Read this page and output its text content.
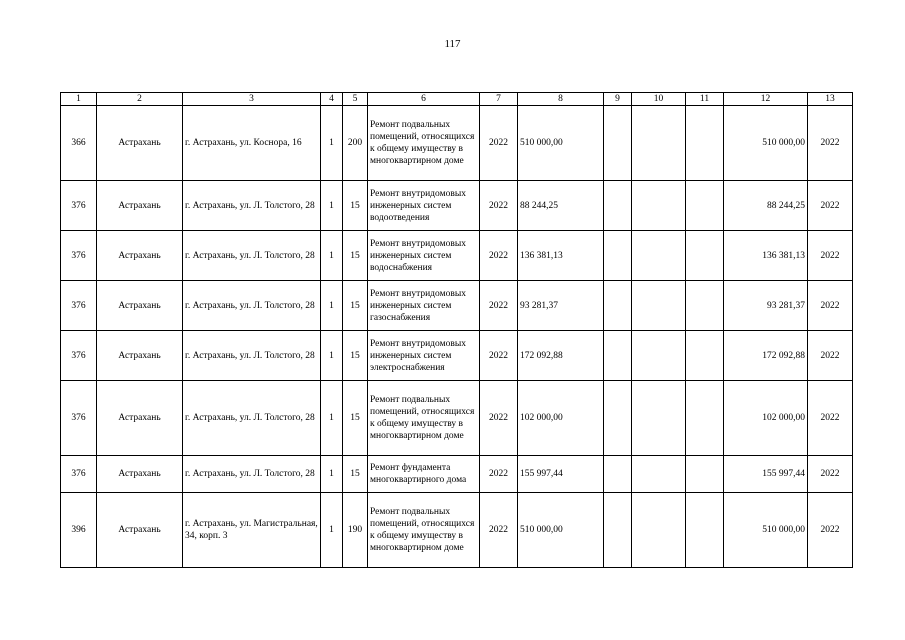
117
1	2	3	4	5	6	7	8	9	10	11	12	13
366	Астрахань	г. Астрахань, ул. Коснора, 16	1	200	Ремонт подвальных помещений, относящихся к общему имуществу в многоквартирном доме	2022	510 000,00				510 000,00	2022
376	Астрахань	г. Астрахань, ул. Л. Толстого, 28	1	15	Ремонт внутридомовых инженерных систем водоотведения	2022	88 244,25				88 244,25	2022
376	Астрахань	г. Астрахань, ул. Л. Толстого, 28	1	15	Ремонт внутридомовых инженерных систем водоснабжения	2022	136 381,13				136 381,13	2022
376	Астрахань	г. Астрахань, ул. Л. Толстого, 28	1	15	Ремонт внутридомовых инженерных систем газоснабжения	2022	93 281,37				93 281,37	2022
376	Астрахань	г. Астрахань, ул. Л. Толстого, 28	1	15	Ремонт внутридомовых инженерных систем электроснабжения	2022	172 092,88				172 092,88	2022
376	Астрахань	г. Астрахань, ул. Л. Толстого, 28	1	15	Ремонт подвальных помещений, относящихся к общему имуществу в многоквартирном доме	2022	102 000,00				102 000,00	2022
376	Астрахань	г. Астрахань, ул. Л. Толстого, 28	1	15	Ремонт фундамента многоквартирного дома	2022	155 997,44				155 997,44	2022
396	Астрахань	г. Астрахань, ул. Магистральная, 34, корп. 3	1	190	Ремонт подвальных помещений, относящихся к общему имуществу в многоквартирном доме	2022	510 000,00				510 000,00	2022
